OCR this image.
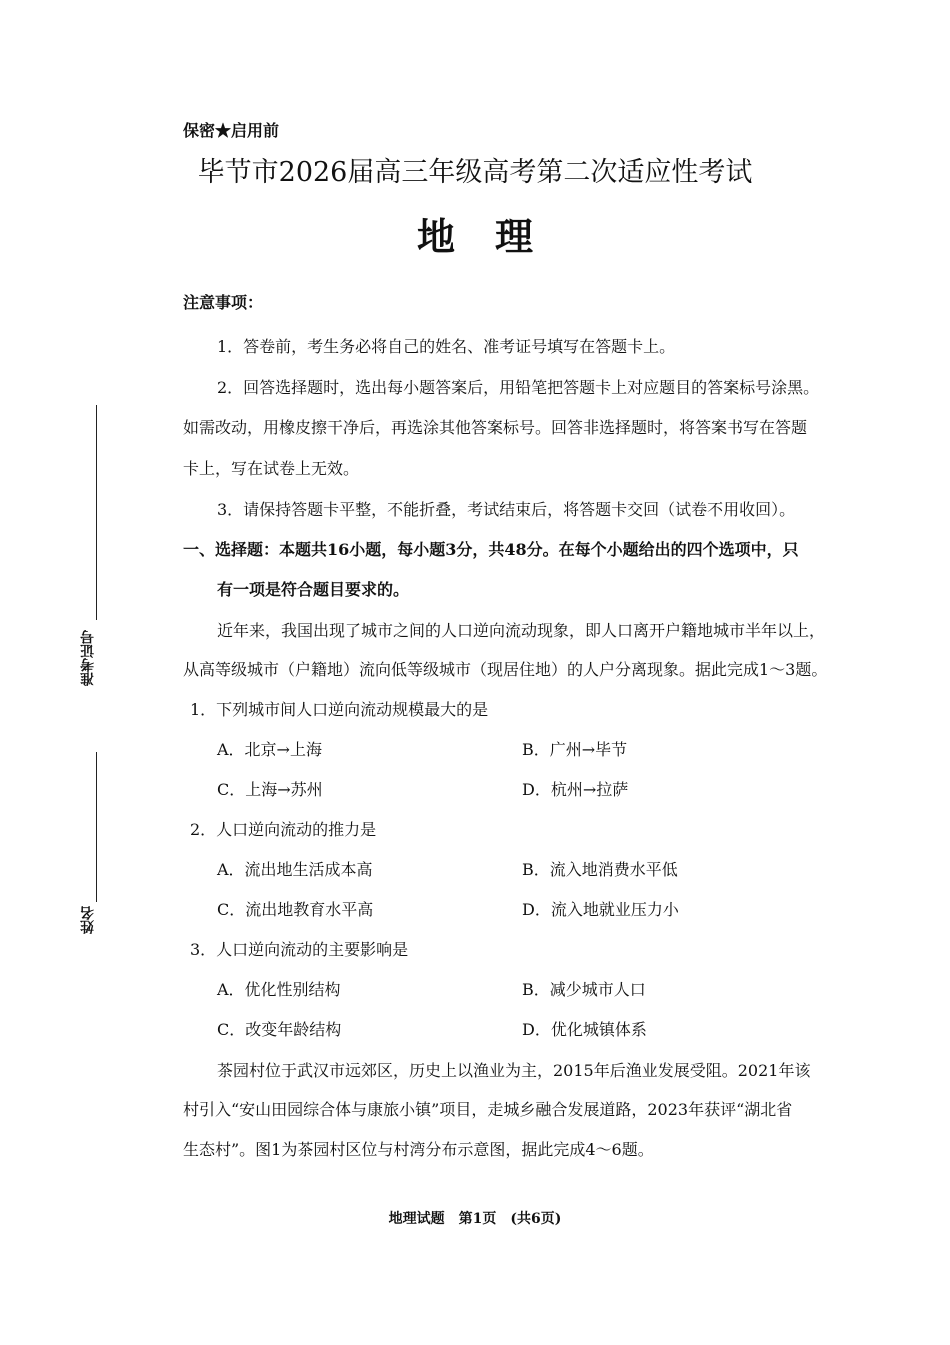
准考证号
姓名
保密★启用前
毕节市2026届高三年级高考第二次适应性考试
地理
注意事项：
1．答卷前，考生务必将自己的姓名、准考证号填写在答题卡上。
2．回答选择题时，选出每小题答案后，用铅笔把答题卡上对应题目的答案标号涂黑。
如需改动，用橡皮擦干净后，再选涂其他答案标号。回答非选择题时，将答案书写在答题
卡上，写在试卷上无效。
3．请保持答题卡平整，不能折叠，考试结束后，将答题卡交回（试卷不用收回）。
一、选择题：本题共16小题，每小题3分，共48分。在每个小题给出的四个选项中，只
有一项是符合题目要求的。
近年来，我国出现了城市之间的人口逆向流动现象，即人口离开户籍地城市半年以上，
从高等级城市（户籍地）流向低等级城市（现居住地）的人户分离现象。据此完成1～3题。
1．下列城市间人口逆向流动规模最大的是
A．北京→上海	B．广州→毕节
C．上海→苏州	D．杭州→拉萨
2．人口逆向流动的推力是
A．流出地生活成本高	B．流入地消费水平低
C．流出地教育水平高	D．流入地就业压力小
3．人口逆向流动的主要影响是
A．优化性别结构	B．减少城市人口
C．改变年龄结构	D．优化城镇体系
茶园村位于武汉市远郊区，历史上以渔业为主，2015年后渔业发展受阻。2021年该
村引入“安山田园综合体与康旅小镇”项目，走城乡融合发展道路，2023年获评“湖北省
生态村”。图1为茶园村区位与村湾分布示意图，据此完成4～6题。
地理试题　第1页　(共6页)
